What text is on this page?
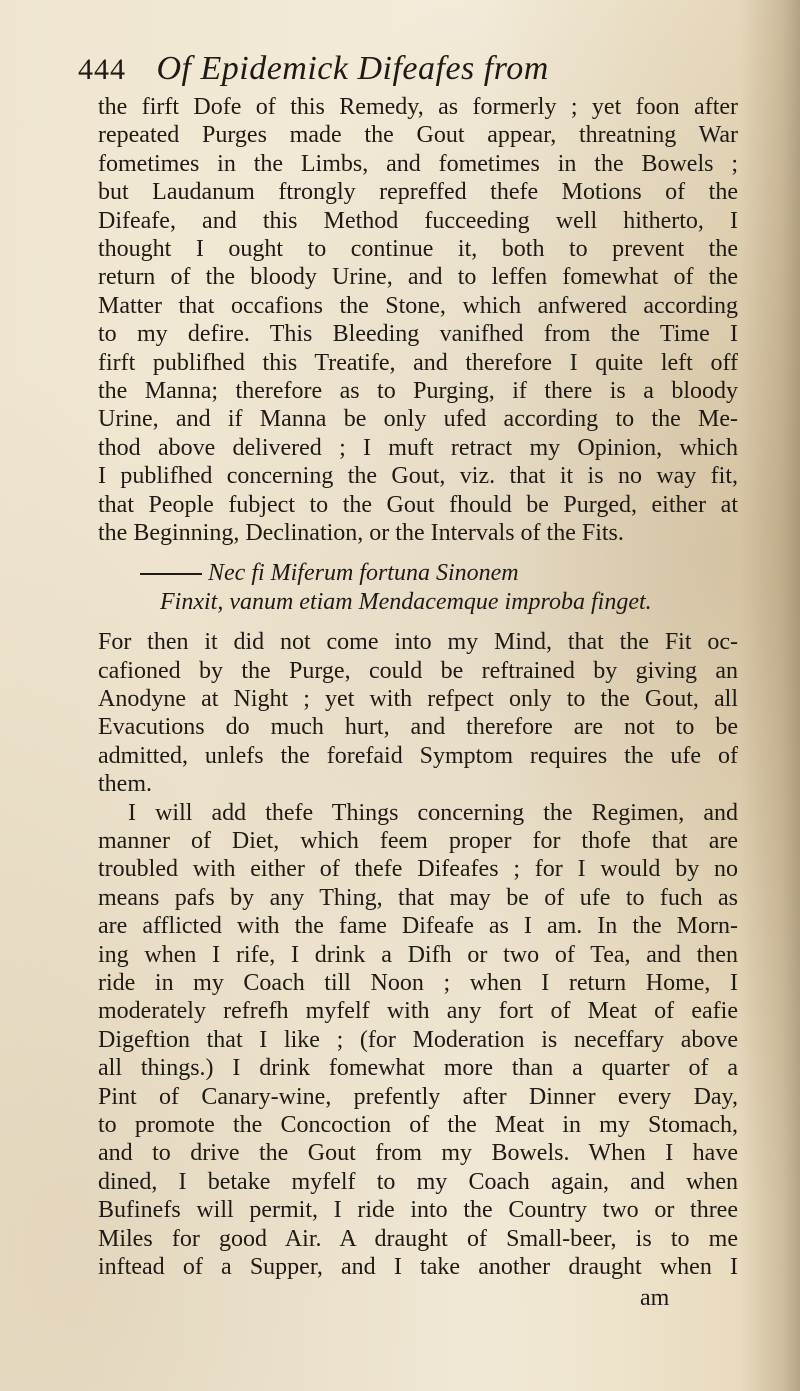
444 Of Epidemick Difeafes from
the firft Dofe of this Remedy, as formerly ; yet foon after
repeated Purges made the Gout appear, threatning War
fometimes in the Limbs, and fometimes in the Bowels ;
but Laudanum ftrongly repreffed thefe Motions of the
Difeafe, and this Method fucceeding well hitherto, I
thought I ought to continue it, both to prevent the
return of the bloody Urine, and to leffen fomewhat of the
Matter that occafions the Stone, which anfwered according
to my defire. This Bleeding vanifhed from the Time I
firft publifhed this Treatife, and therefore I quite left off
the Manna; therefore as to Purging, if there is a bloody
Urine, and if Manna be only ufed according to the Me-
thod above delivered ; I muft retract my Opinion, which
I publifhed concerning the Gout, viz. that it is no way fit,
that People fubject to the Gout fhould be Purged, either at
the Beginning, Declination, or the Intervals of the Fits.
Nec fi Miferum fortuna Sinonem
Finxit, vanum etiam Mendacemque improba finget.
For then it did not come into my Mind, that the Fit oc-
cafioned by the Purge, could be reftrained by giving an
Anodyne at Night ; yet with refpect only to the Gout, all
Evacutions do much hurt, and therefore are not to be
admitted, unlefs the forefaid Symptom requires the ufe of
them.
I will add thefe Things concerning the Regimen, and
manner of Diet, which feem proper for thofe that are
troubled with either of thefe Difeafes ; for I would by no
means pafs by any Thing, that may be of ufe to fuch as
are afflicted with the fame Difeafe as I am. In the Morn-
ing when I rife, I drink a Difh or two of Tea, and then
ride in my Coach till Noon ; when I return Home, I
moderately refrefh myfelf with any fort of Meat of eafie
Digeftion that I like ; (for Moderation is neceffary above
all things.) I drink fomewhat more than a quarter of a
Pint of Canary-wine, prefently after Dinner every Day,
to promote the Concoction of the Meat in my Stomach,
and to drive the Gout from my Bowels. When I have
dined, I betake myfelf to my Coach again, and when
Bufinefs will permit, I ride into the Country two or three
Miles for good Air. A draught of Small-beer, is to me
inftead of a Supper, and I take another draught when I
am
